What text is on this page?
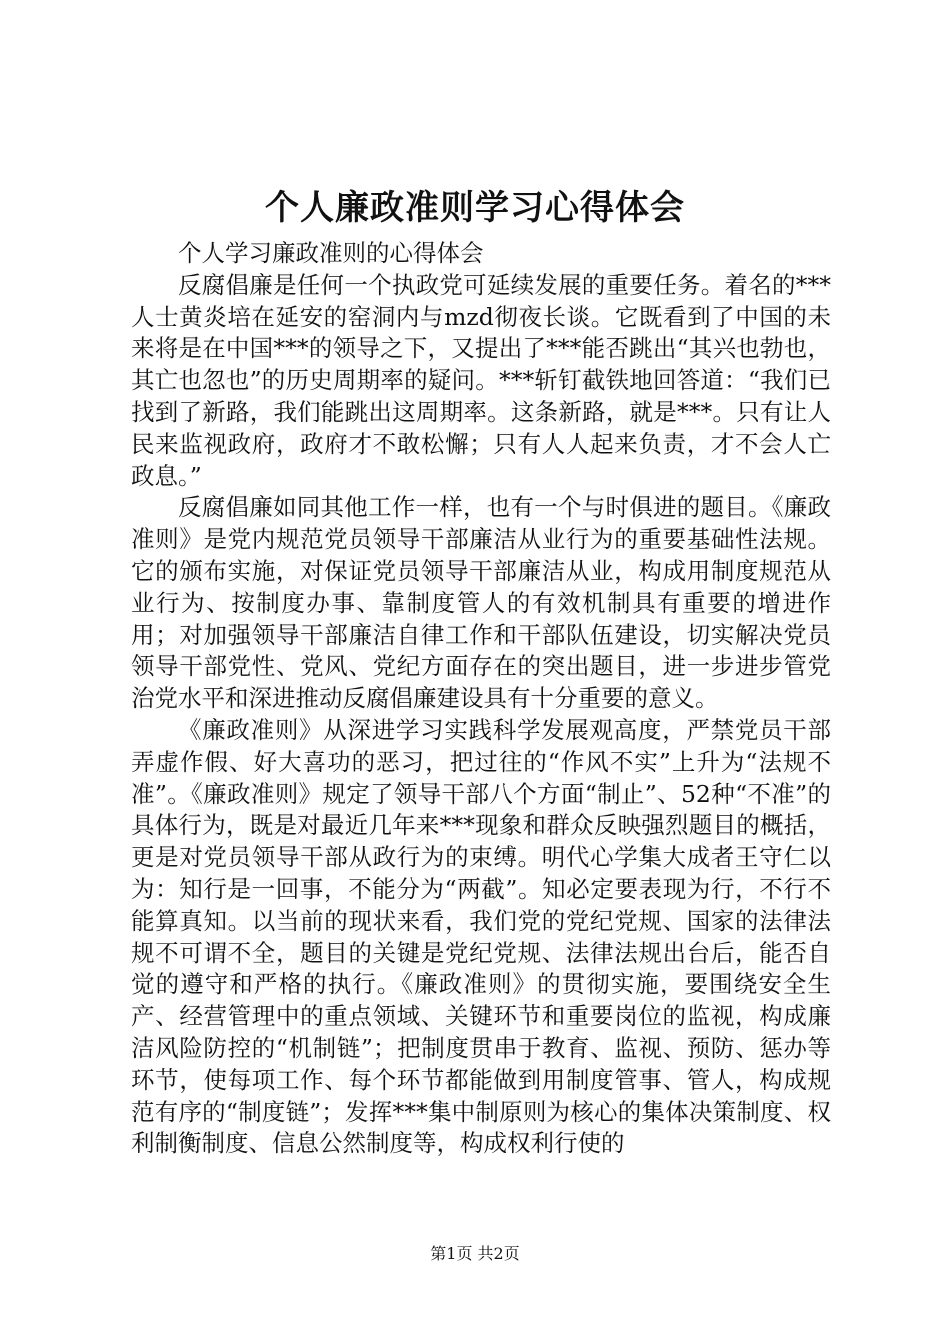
个人廉政准则学习心得体会

个人学习廉政准则的心得体会

反腐倡廉是任何一个执政党可延续发展的重要任务。着名的***人士黄炎培在延安的窑洞内与mzd彻夜长谈。它既看到了中国的未来将是在中国***的领导之下，又提出了***能否跳出“其兴也勃也，其亡也忽也”的历史周期率的疑问。***斩钉截铁地回答道：“我们已找到了新路，我们能跳出这周期率。这条新路，就是***。只有让人民来监视政府，政府才不敢松懈；只有人人起来负责，才不会人亡政息。”

反腐倡廉如同其他工作一样，也有一个与时俱进的题目。《廉政准则》是党内规范党员领导干部廉洁从业行为的重要基础性法规。它的颁布实施，对保证党员领导干部廉洁从业，构成用制度规范从业行为、按制度办事、靠制度管人的有效机制具有重要的增进作用；对加强领导干部廉洁自律工作和干部队伍建设，切实解决党员领导干部党性、党风、党纪方面存在的突出题目，进一步进步管党治党水平和深进推动反腐倡廉建设具有十分重要的意义。

《廉政准则》从深进学习实践科学发展观高度，严禁党员干部弄虚作假、好大喜功的恶习，把过往的“作风不实”上升为“法规不准”。《廉政准则》规定了领导干部八个方面“制止”、52种“不准”的具体行为，既是对最近几年来***现象和群众反映强烈题目的概括，更是对党员领导干部从政行为的束缚。明代心学集大成者王守仁以为：知行是一回事，不能分为“两截”。知必定要表现为行，不行不能算真知。以当前的现状来看，我们党的党纪党规、国家的法律法规不可谓不全，题目的关键是党纪党规、法律法规出台后，能否自觉的遵守和严格的执行。《廉政准则》的贯彻实施，要围绕安全生产、经营管理中的重点领域、关键环节和重要岗位的监视，构成廉洁风险防控的“机制链”；把制度贯串于教育、监视、预防、惩办等环节，使每项工作、每个环节都能做到用制度管事、管人，构成规范有序的“制度链”；发挥***集中制原则为核心的集体决策制度、权利制衡制度、信息公然制度等，构成权利行使的

第1页 共2页
